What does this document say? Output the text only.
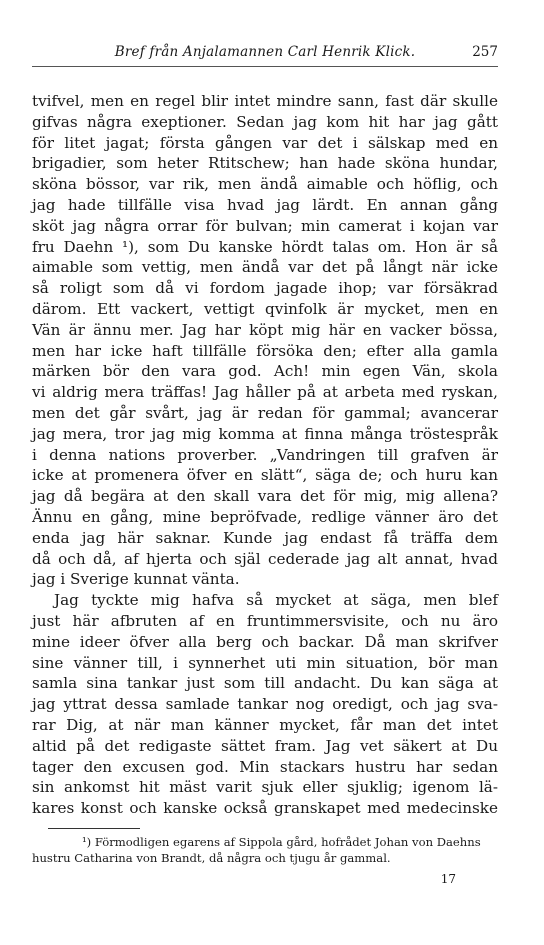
Bref från Anjalamannen Carl Henrik Klick.	257
tvifvel, men en regel blir intet mindre sann, fast där skulle
gifvas några exeptioner. Sedan jag kom hit har jag gått
för litet jagat; första gången var det i sälskap med en
brigadier, som heter Rtitschew; han hade sköna hundar,
sköna bössor, var rik, men ändå aimable och höflig, och
jag hade tillfälle visa hvad jag lärdt. En annan gång
sköt jag några orrar för bulvan; min camerat i kojan var
fru Daehn ¹), som Du kanske hördt talas om. Hon är så
aimable som vettig, men ändå var det på långt när icke
så roligt som då vi fordom jagade ihop; var försäkrad
därom. Ett vackert, vettigt qvinfolk är mycket, men en
Vän är ännu mer. Jag har köpt mig här en vacker bössa,
men har icke haft tillfälle försöka den; efter alla gamla
märken bör den vara god. Ach! min egen Vän, skola
vi aldrig mera träffas! Jag håller på at arbeta med ryskan,
men det går svårt, jag är redan för gammal; avancerar
jag mera, tror jag mig komma at finna många tröstespråk
i denna nations proverber. „Vandringen till grafven är
icke at promenera öfver en slätt“, säga de; och huru kan
jag då begära at den skall vara det för mig, mig allena?
Ännu en gång, mine bepröfvade, redlige vänner äro det
enda jag här saknar. Kunde jag endast få träffa dem
då och då, af hjerta och själ cederade jag alt annat, hvad
jag i Sverige kunnat vänta.
Jag tyckte mig hafva så mycket at säga, men blef
just här afbruten af en fruntimmersvisite, och nu äro
mine ideer öfver alla berg och backar. Då man skrifver
sine vänner till, i synnerhet uti min situation, bör man
samla sina tankar just som till andacht. Du kan säga at
jag yttrat dessa samlade tankar nog oredigt, och jag sva-
rar Dig, at när man känner mycket, får man det intet
altid på det redigaste sättet fram. Jag vet säkert at Du
tager den excusen god. Min stackars hustru har sedan
sin ankomst hit mäst varit sjuk eller sjuklig; igenom lä-
kares konst och kanske också granskapet med medecinske
¹) Förmodligen egarens af Sippola gård, hofrådet Johan von Daehns
hustru Catharina von Brandt, då några och tjugu år gammal.
17
